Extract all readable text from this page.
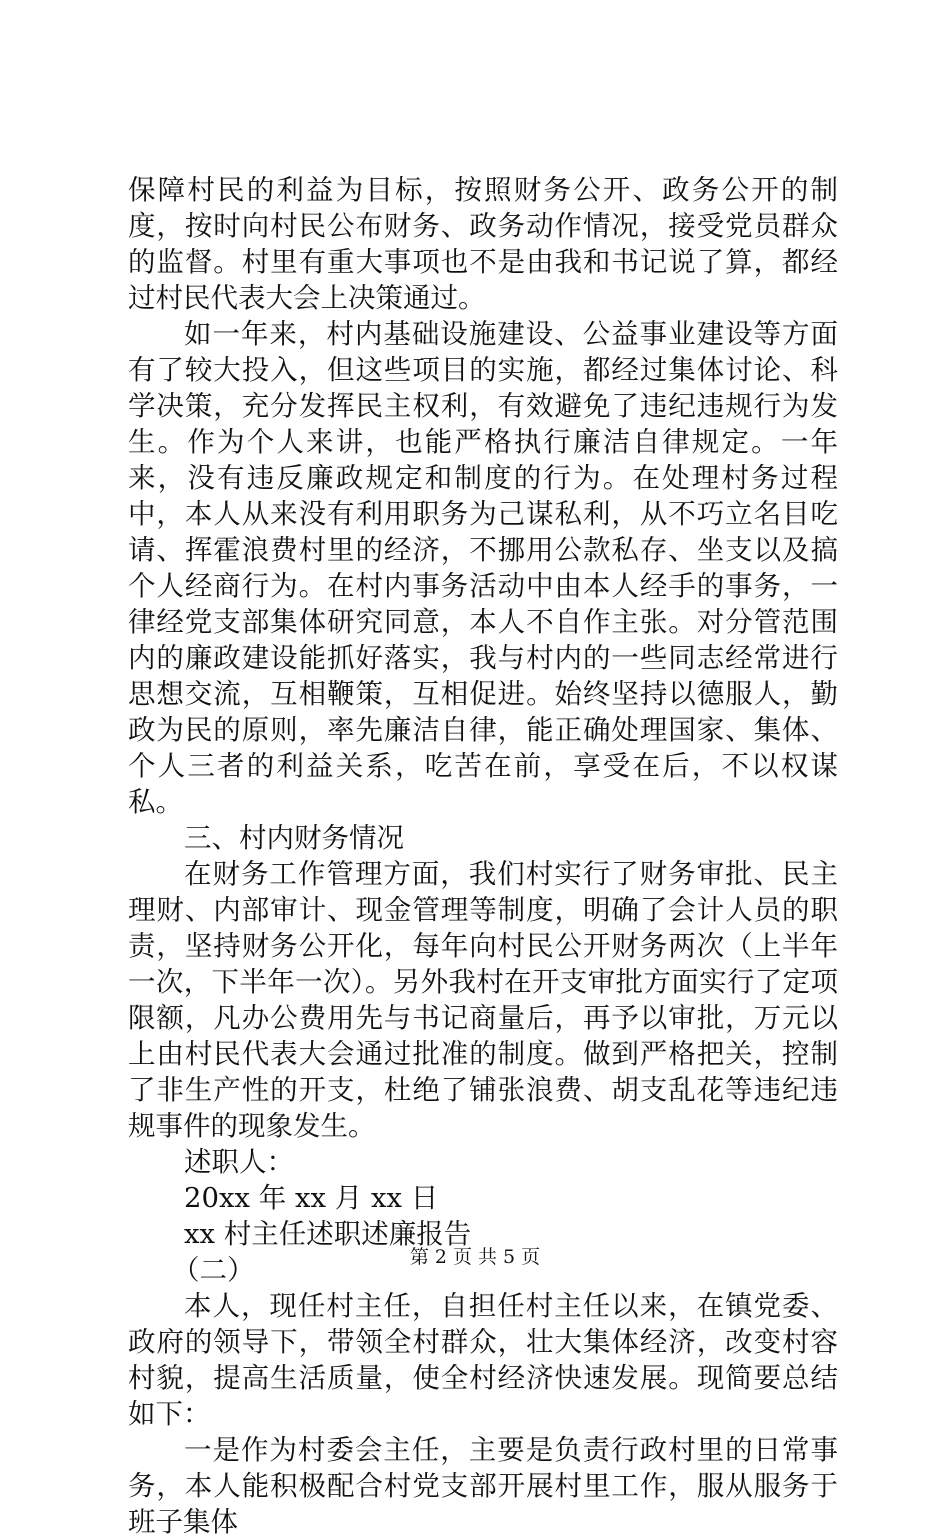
保障村民的利益为目标，按照财务公开、政务公开的制度，按时向村民公布财务、政务动作情况，接受党员群众的监督。村里有重大事项也不是由我和书记说了算，都经过村民代表大会上决策通过。

如一年来，村内基础设施建设、公益事业建设等方面有了较大投入，但这些项目的实施，都经过集体讨论、科学决策，充分发挥民主权利，有效避免了违纪违规行为发生。作为个人来讲，也能严格执行廉洁自律规定。一年来，没有违反廉政规定和制度的行为。在处理村务过程中，本人从来没有利用职务为己谋私利，从不巧立名目吃请、挥霍浪费村里的经济，不挪用公款私存、坐支以及搞个人经商行为。在村内事务活动中由本人经手的事务，一律经党支部集体研究同意，本人不自作主张。对分管范围内的廉政建设能抓好落实，我与村内的一些同志经常进行思想交流，互相鞭策，互相促进。始终坚持以德服人，勤政为民的原则，率先廉洁自律，能正确处理国家、集体、个人三者的利益关系，吃苦在前，享受在后，不以权谋私。

三、村内财务情况

在财务工作管理方面，我们村实行了财务审批、民主理财、内部审计、现金管理等制度，明确了会计人员的职责，坚持财务公开化，每年向村民公开财务两次（上半年一次，下半年一次）。另外我村在开支审批方面实行了定项限额，凡办公费用先与书记商量后，再予以审批，万元以上由村民代表大会通过批准的制度。做到严格把关，控制了非生产性的开支，杜绝了铺张浪费、胡支乱花等违纪违规事件的现象发生。

述职人：

20xx 年 xx 月 xx 日

xx 村主任述职述廉报告

（二）

本人，现任村主任，自担任村主任以来，在镇党委、政府的领导下，带领全村群众，壮大集体经济，改变村容村貌，提高生活质量，使全村经济快速发展。现简要总结如下：

一是作为村委会主任，主要是负责行政村里的日常事务，本人能积极配合村党支部开展村里工作，服从服务于班子集体

第 2 页 共 5 页
